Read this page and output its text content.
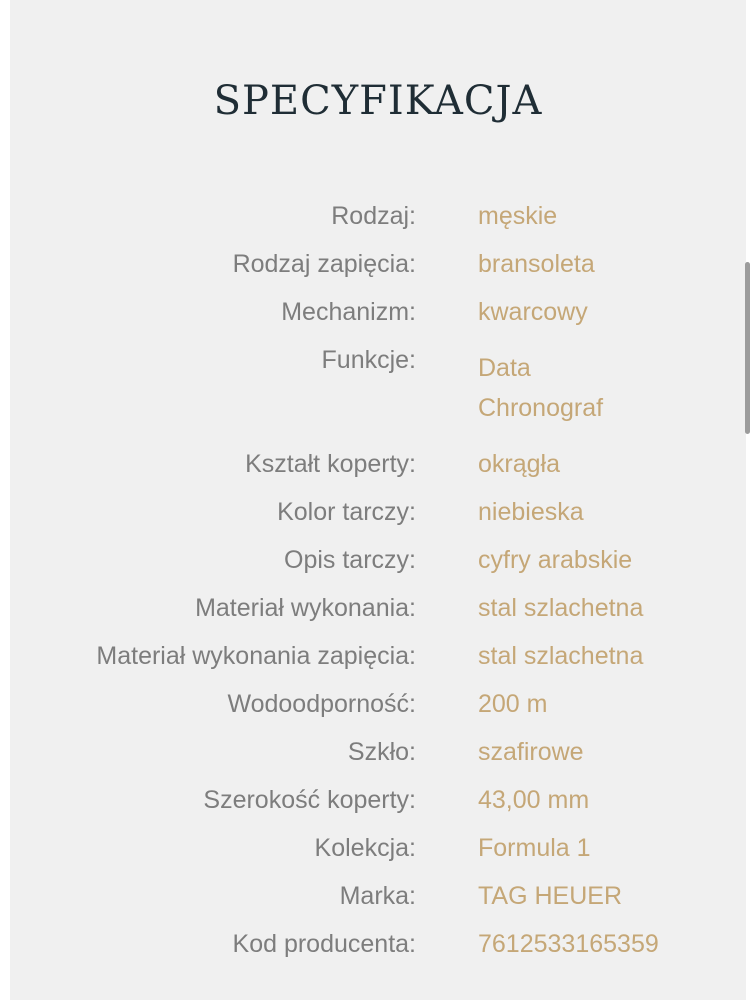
SPECYFIKACJA
Rodzaj: męskie
Rodzaj zapięcia: bransoleta
Mechanizm: kwarcowy
Funkcje: Data
Chronograf
Kształt koperty: okrągła
Kolor tarczy: niebieska
Opis tarczy: cyfry arabskie
Materiał wykonania: stal szlachetna
Materiał wykonania zapięcia: stal szlachetna
Wodoodporność: 200 m
Szkło: szafirowe
Szerokość koperty: 43,00 mm
Kolekcja: Formula 1
Marka: TAG HEUER
Kod producenta: 7612533165359
